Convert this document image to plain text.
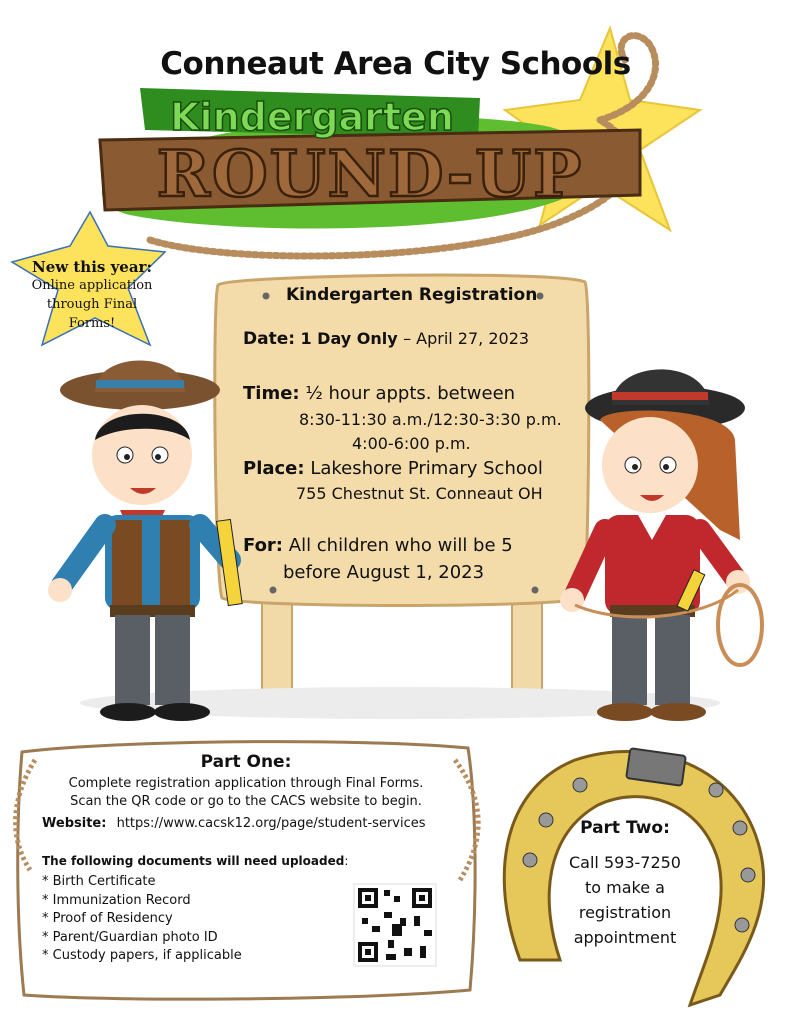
Kindergarten
ROUND-UP
Conneaut Area City Schools
New this year:
Online application
through Final
Forms!
Kindergarten Registration
Date: 1 Day Only – April 27, 2023
Time: ½ hour appts. between
8:30-11:30 a.m./12:30-3:30 p.m.
4:00-6:00 p.m.
Place: Lakeshore Primary School
755 Chestnut St. Conneaut OH
For: All children who will be 5
before August 1, 2023
Part One:
Complete registration application through Final Forms.
Scan the QR code or go to the CACS website to begin.
Website: https://www.cacsk12.org/page/student-services
The following documents will need uploaded:
* Birth Certificate
* Immunization Record
* Proof of Residency
* Parent/Guardian photo ID
* Custody papers, if applicable
Part Two:
Call 593-7250
to make a
registration
appointment
